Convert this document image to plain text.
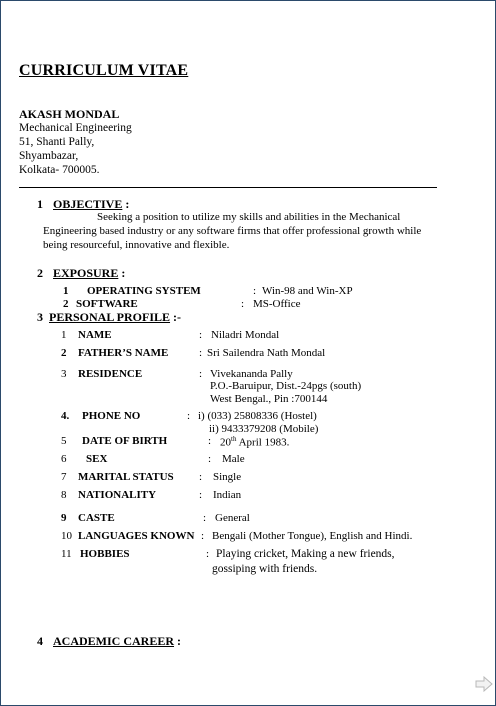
CURRICULUM VITAE
AKASH MONDAL
Mechanical Engineering
51, Shanti Pally,
Shyambazar,
Kolkata- 700005.
1 OBJECTIVE :
Seeking a position to utilize my skills and abilities in the Mechanical Engineering based industry or any software firms that offer professional growth while being resourceful, innovative and flexible.
2 EXPOSURE :
1 OPERATING SYSTEM	: Win-98 and Win-XP
2 SOFTWARE	: MS-Office
3 PERSONAL PROFILE :-
1 NAME	: Niladri Mondal
2 FATHER’S NAME	: Sri Sailendra Nath Mondal
3 RESIDENCE	: Vivekananda Pally
P.O.-Baruipur, Dist.-24pgs (south)
West Bengal., Pin :700144
4. PHONE NO	: i) (033) 25808336 (Hostel)
ii) 9433379208 (Mobile)
5 DATE OF BIRTH	: 20th April 1983.
6 SEX	: Male
7 MARITAL STATUS : Single
8 NATIONALITY	: Indian
9 CASTE	: General
10 LANGUAGES KNOWN : Bengali (Mother Tongue), English and Hindi.
11 HOBBIES	: Playing cricket, Making a new friends,
gossiping with friends.
4 ACADEMIC CAREER :
